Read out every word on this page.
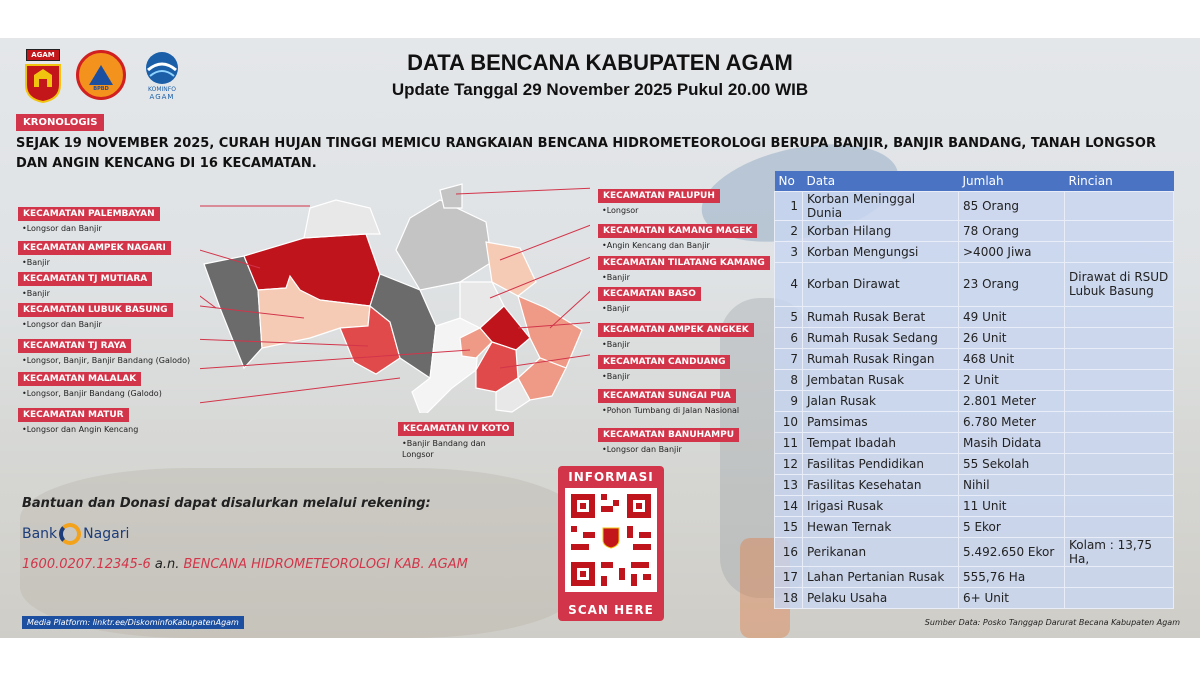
AGAM
BPBD	KOMINFO
AGAM
DATA BENCANA KABUPATEN AGAM
Update Tanggal 29 November 2025 Pukul 20.00 WIB
KRONOLOGIS
SEJAK 19 NOVEMBER 2025, CURAH HUJAN TINGGI MEMICU RANGKAIAN BENCANA HIDROMETEOROLOGI BERUPA BANJIR, BANJIR BANDANG, TANAH LONGSOR DAN ANGIN KENCANG DI 16 KECAMATAN.
KECAMATAN PALEMBAYAN
• Longsor dan Banjir
KECAMATAN AMPEK NAGARI
• Banjir
KECAMATAN TJ MUTIARA
• Banjir
KECAMATAN LUBUK BASUNG
• Longsor dan Banjir
KECAMATAN TJ RAYA
• Longsor, Banjir, Banjir Bandang (Galodo)
KECAMATAN MALALAK
• Longsor, Banjir Bandang (Galodo)
KECAMATAN MATUR
• Longsor dan Angin Kencang
KECAMATAN PALUPUH
• Longsor
KECAMATAN KAMANG MAGEK
• Angin Kencang dan Banjir
KECAMATAN TILATANG KAMANG
• Banjir
KECAMATAN BASO
• Banjir
KECAMATAN AMPEK ANGKEK
• Banjir
KECAMATAN CANDUANG
• Banjir
KECAMATAN SUNGAI PUA
• Pohon Tumbang di Jalan Nasional
KECAMATAN BANUHAMPU
• Longsor dan Banjir
KECAMATAN IV KOTO
• Banjir Bandang dan Longsor
No	Data	Jumlah	Rincian
1	Korban Meninggal Dunia	85 Orang	
2	Korban Hilang	78 Orang	
3	Korban Mengungsi	>4000 Jiwa	
4	Korban Dirawat	23 Orang	Dirawat di RSUD Lubuk Basung
5	Rumah Rusak Berat	49 Unit	
6	Rumah Rusak Sedang	26 Unit	
7	Rumah Rusak Ringan	468 Unit	
8	Jembatan Rusak	2 Unit	
9	Jalan Rusak	2.801 Meter	
10	Pamsimas	6.780 Meter	
11	Tempat Ibadah	Masih Didata	
12	Fasilitas Pendidikan	55 Sekolah	
13	Fasilitas Kesehatan	Nihil	
14	Irigasi Rusak	11 Unit	
15	Hewan Ternak	5 Ekor	
16	Perikanan	5.492.650 Ekor	Kolam : 13,75 Ha,
17	Lahan Pertanian Rusak	555,76 Ha	
18	Pelaku Usaha	6+ Unit	
Bantuan dan Donasi dapat disalurkan melalui rekening:
Bank Nagari
1600.0207.12345-6 a.n. BENCANA HIDROMETEOROLOGI KAB. AGAM
INFORMASI
SCAN HERE
Media Platform: linktr.ee/DiskominfoKabupatenAgam	Sumber Data: Posko Tanggap Darurat Becana Kabupaten Agam
